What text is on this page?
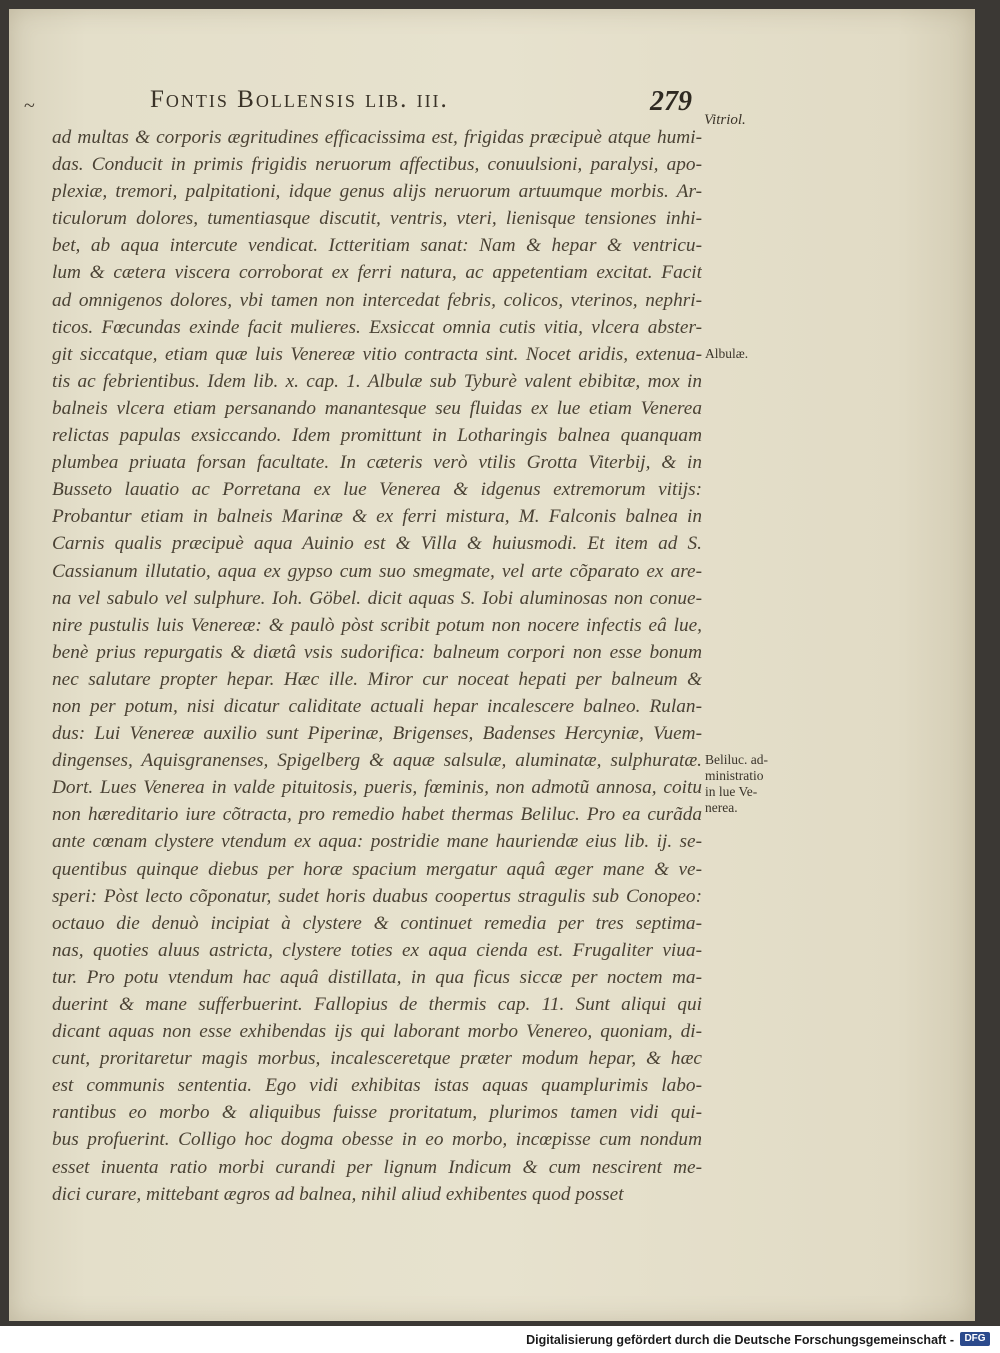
~	Fontis Bollensis lib. iii.	279
Vitriol.
ad multas & corporis ægritudines efficacissima est, frigidas præcipuè atque humi-
das. Conducit in primis frigidis neruorum affectibus, conuulsioni, paralysi, apo-
plexiæ, tremori, palpitationi, idque genus alijs neruorum artuumque morbis. Ar-
ticulorum dolores, tumentiasque discutit, ventris, vteri, lienisque tensiones inhi-
bet, ab aqua intercute vendicat. Ictteritiam sanat: Nam & hepar & ventricu-
lum & cætera viscera corroborat ex ferri natura, ac appetentiam excitat. Facit
ad omnigenos dolores, vbi tamen non intercedat febris, colicos, vterinos, nephri-
ticos. Fœcundas exinde facit mulieres. Exsiccat omnia cutis vitia, vlcera abster-
git siccatque, etiam quæ luis Venereæ vitio contracta sint. Nocet aridis, extenua-
tis ac febrientibus. Idem lib. x. cap. 1. Albulæ sub Tyburè valent ebibitæ, mox in
balneis vlcera etiam persanando manantesque seu fluidas ex lue etiam Venerea
relictas papulas exsiccando. Idem promittunt in Lotharingis balnea quanquam
plumbea priuata forsan facultate. In cæteris verò vtilis Grotta Viterbij, & in
Busseto lauatio ac Porretana ex lue Venerea & idgenus extremorum vitijs:
Probantur etiam in balneis Marinæ & ex ferri mistura, M. Falconis balnea in
Carnis qualis præcipuè aqua Auinio est & Villa & huiusmodi. Et item ad S.
Cassianum illutatio, aqua ex gypso cum suo smegmate, vel arte cõparato ex are-
na vel sabulo vel sulphure. Ioh. Göbel. dicit aquas S. Iobi aluminosas non conue-
nire pustulis luis Venereæ: & paulò pòst scribit potum non nocere infectis eâ lue,
benè prius repurgatis & diætâ vsis sudorifica: balneum corpori non esse bonum
nec salutare propter hepar. Hæc ille. Miror cur noceat hepati per balneum &
non per potum, nisi dicatur caliditate actuali hepar incalescere balneo. Rulan-
dus: Lui Venereæ auxilio sunt Piperinæ, Brigenses, Badenses Hercyniæ, Vuem-
dingenses, Aquisgranenses, Spigelberg & aquæ salsulæ, aluminatæ, sulphuratæ.
Dort. Lues Venerea in valde pituitosis, pueris, fœminis, non admotũ annosa, coitu
non hæreditario iure cõtracta, pro remedio habet thermas Beliluc. Pro ea curãda
ante cœnam clystere vtendum ex aqua: postridie mane hauriendæ eius lib. ij. se-
quentibus quinque diebus per horæ spacium mergatur aquâ æger mane & ve-
speri: Pòst lecto cõponatur, sudet horis duabus coopertus stragulis sub Conopeo:
octauo die denuò incipiat à clystere & continuet remedia per tres septima-
nas, quoties aluus astricta, clystere toties ex aqua cienda est. Frugaliter viua-
tur. Pro potu vtendum hac aquâ distillata, in qua ficus siccæ per noctem ma-
duerint & mane sufferbuerint. Fallopius de thermis cap. 11. Sunt aliqui qui
dicant aquas non esse exhibendas ijs qui laborant morbo Venereo, quoniam, di-
cunt, proritaretur magis morbus, incalesceretque præter modum hepar, & hæc
est communis sententia. Ego vidi exhibitas istas aquas quamplurimis labo-
rantibus eo morbo & aliquibus fuisse proritatum, plurimos tamen vidi qui-
bus profuerint. Colligo hoc dogma obesse in eo morbo, incœpisse cum nondum
esset inuenta ratio morbi curandi per lignum Indicum & cum nescirent me-
dici curare, mittebant ægros ad balnea, nihil aliud exhibentes quod posset
Albulæ.
Beliluc. ad-
ministratio
in lue Ve-
nerea.
Digitalisierung gefördert durch die Deutsche Forschungsgemeinschaft -	DFG
